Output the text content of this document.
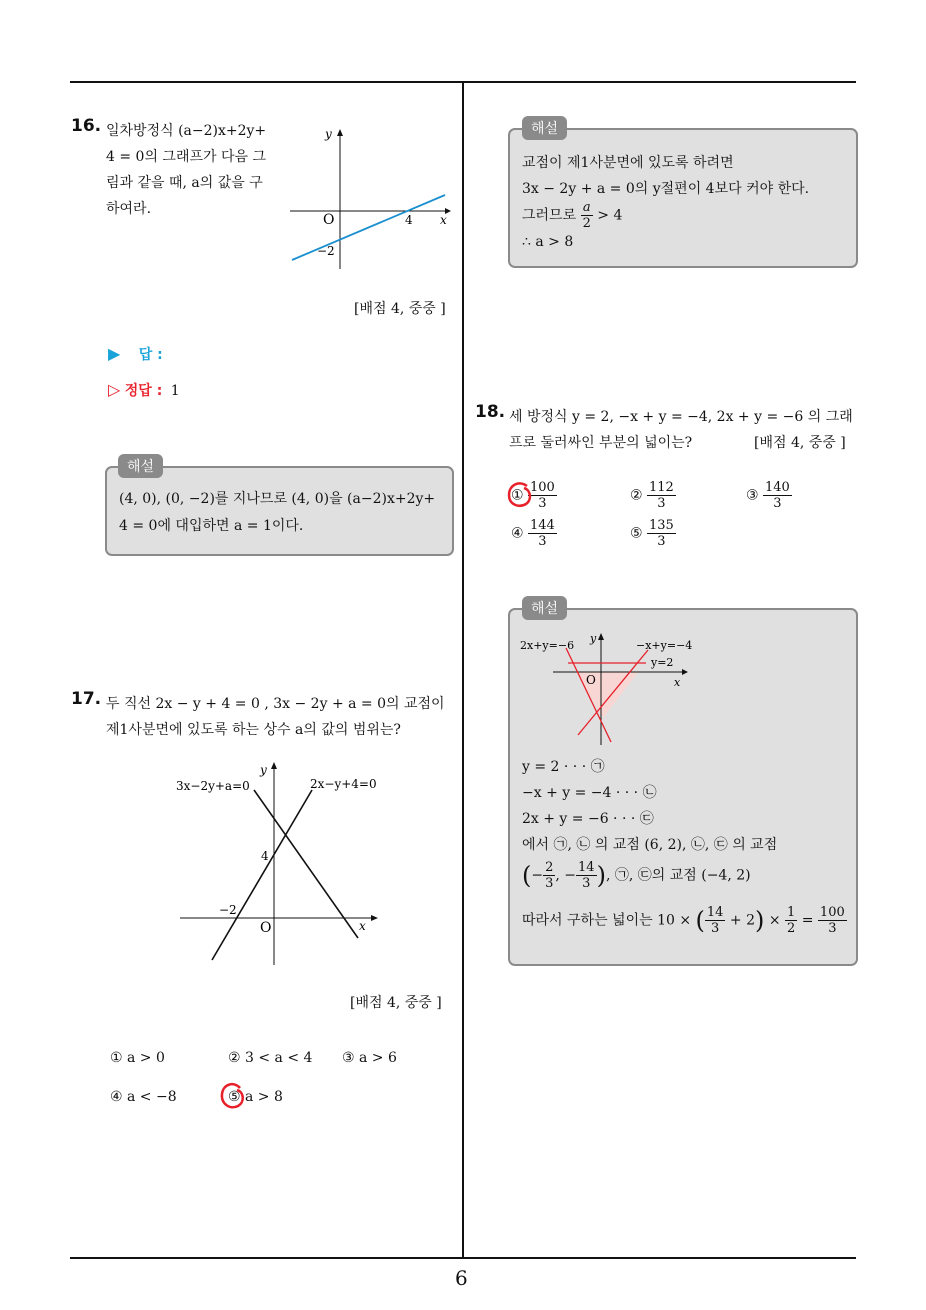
6
16. 일차방정식 (a−2)x+2y+
4 = 0의 그래프가 다음 그
림과 같을 때, a의 값을 구
하여라.
y
x
O	4
−2
[배점 4, 중중 ]
▶ 답 :
▷ 정답 : 1
(4, 0), (0, −2)를 지나므로 (4, 0)을 (a−2)x+2y+
4 = 0에 대입하면 a = 1이다.
해설
17. 두 직선 2x − y + 4 = 0 , 3x − 2y + a = 0의 교점이
제1사분면에 있도록 하는 상수 a의 값의 범위는?
y
x
O
4
−2
3x−2y+a=0	2x−y+4=0
[배점 4, 중중 ]
① a > 0	② 3 < a < 4 ③ a > 6
④ a < −8	⑤ a > 8
교점이 제1사분면에 있도록 하려면
3x − 2y + a = 0의 y절편이 4보다 커야 한다.
그러므로 $\frac{a}{2} > 4$
∴ a > 8
해설
18. 세 방정식 y = 2, −x + y = −4, 2x + y = −6 의 그래
프로 둘러싸인 부분의 넓이는?	[배점 4, 중중 ]
① $\frac{100}{3}$	② $\frac{112}{3}$	③ $\frac{140}{3}$
④ $\frac{144}{3}$	⑤ $\frac{135}{3}$
2x+y=−6
y
−x+y=−4
y=2
O	x
y = 2 · · · ㉠
−x + y = −4 · · · ㉡
2x + y = −6 · · · ㉢
에서 ㉠, ㉡ 의 교점 (6, 2), ㉡, ㉢ 의 교점
(− $\frac{2}{3}$ , − $\frac{14}{3}$ ), ㉠, ㉢의 교점 (−4, 2)
따라서 구하는 넓이는 10 × ( $\frac{14}{3} + 2) \times \frac{1}{2} = \frac{100}{3}$
해설
